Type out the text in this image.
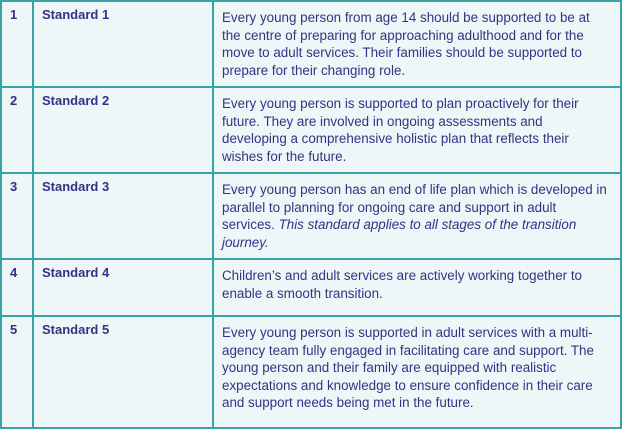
1	Standard 1	Every young person from age 14 should be supported to be at the centre of preparing for approaching adulthood and for the move to adult services. Their families should be supported to prepare for their changing role.

2	Standard 2	Every young person is supported to plan proactively for their future. They are involved in ongoing assessments and developing a comprehensive holistic plan that reflects their wishes for the future.

3	Standard 3	Every young person has an end of life plan which is developed in parallel to planning for ongoing care and support in adult services. This standard applies to all stages of the transition journey.

4	Standard 4	Children’s and adult services are actively working together to enable a smooth transition.

5	Standard 5	Every young person is supported in adult services with a multi-agency team fully engaged in facilitating care and support. The young person and their family are equipped with realistic expectations and knowledge to ensure confidence in their care and support needs being met in the future.
